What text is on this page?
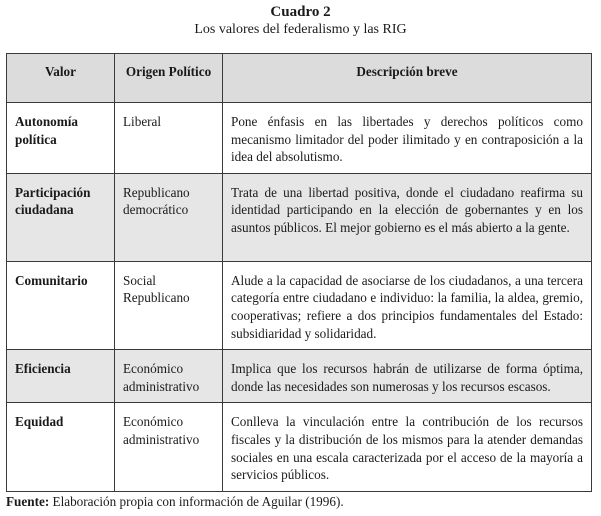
Cuadro 2
Los valores del federalismo y las RIG
Valor	Origen Político	Descripción breve
Autonomía política	Liberal	Pone énfasis en las libertades y derechos políticos como mecanismo limitador del poder ilimitado y en contraposición a la idea del absolutismo.
Participación ciudadana	Republicano democrático	Trata de una libertad positiva, donde el ciudadano reafirma su identidad participando en la elección de gobernantes y en los asuntos públicos. El mejor gobierno es el más abierto a la gente.
Comunitario	Social Republicano	Alude a la capacidad de asociarse de los ciudadanos, a una tercera categoría entre ciudadano e individuo: la familia, la aldea, gremio, cooperativas; refiere a dos principios fundamentales del Estado: subsidiaridad y solidaridad.
Eficiencia	Económico administrativo	Implica que los recursos habrán de utilizarse de forma óptima, donde las necesidades son numerosas y los recursos escasos.
Equidad	Económico administrativo	Conlleva la vinculación entre la contribución de los recursos fiscales y la distribución de los mismos para la atender demandas sociales en una escala caracterizada por el acceso de la mayoría a servicios públicos.
Fuente: Elaboración propia con información de Aguilar (1996).
